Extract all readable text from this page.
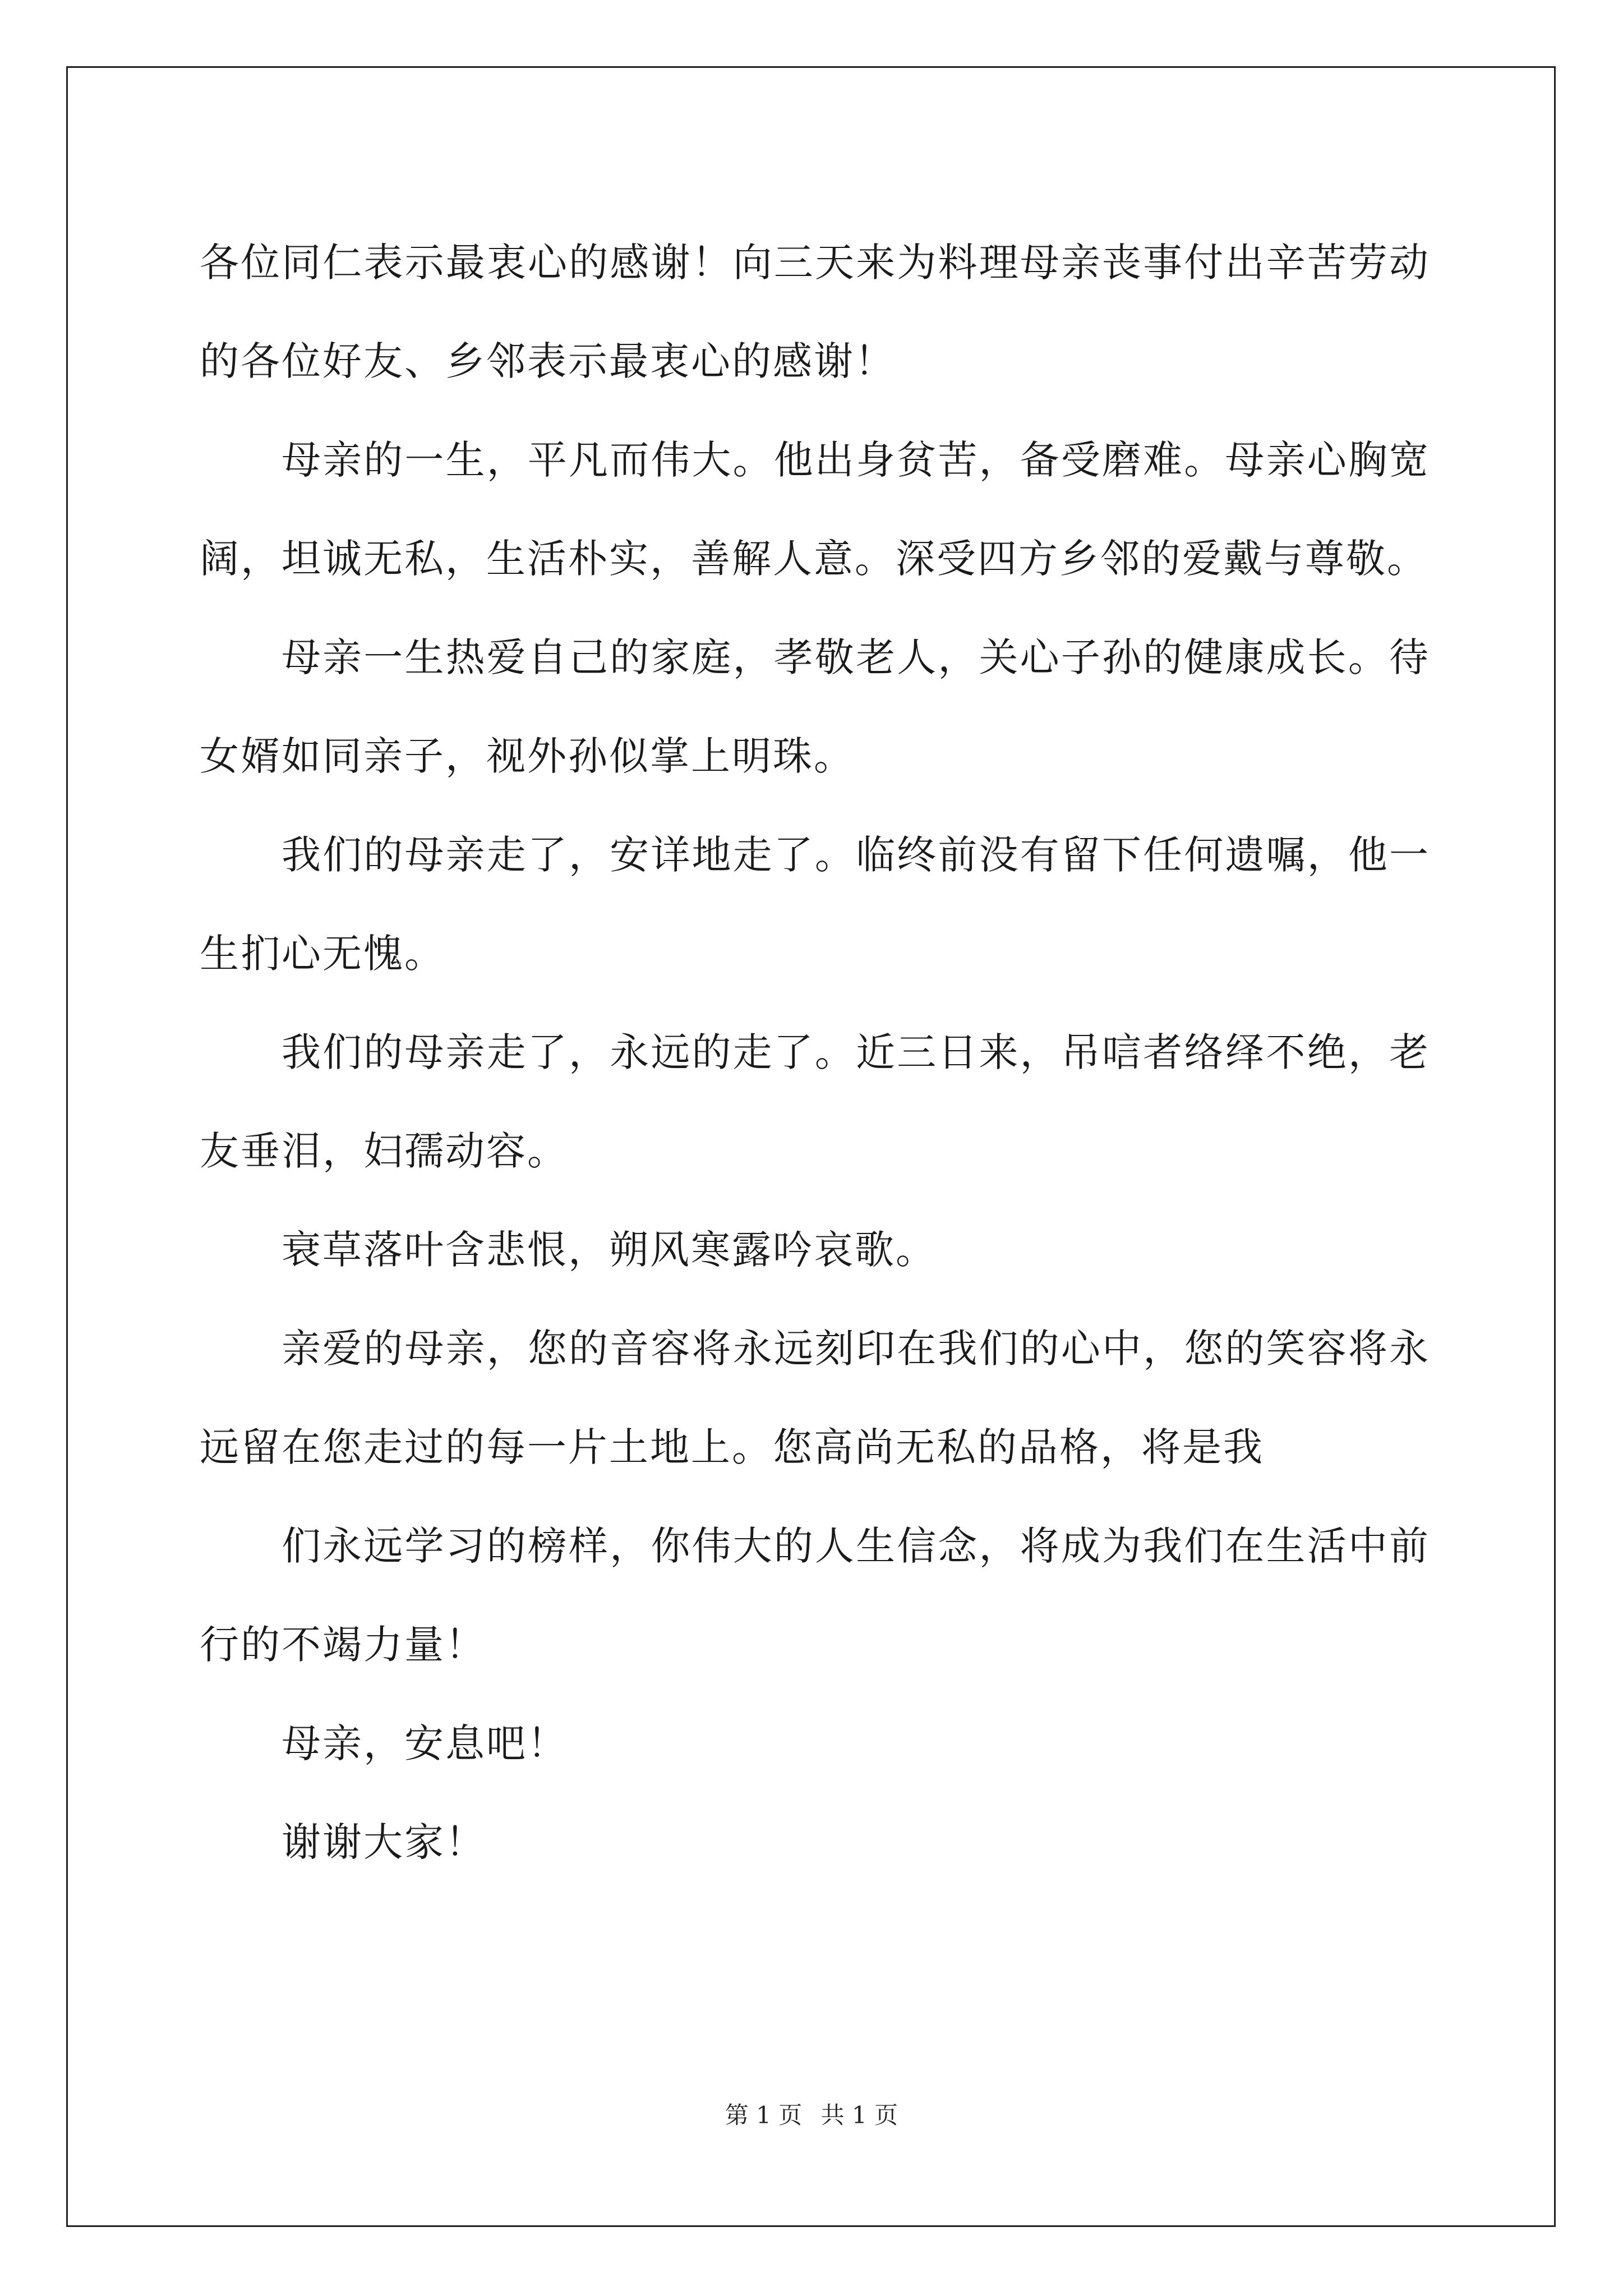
各位同仁表示最衷心的感谢！向三天来为料理母亲丧事付出辛苦劳动的各位好友、乡邻表示最衷心的感谢！

母亲的一生，平凡而伟大。他出身贫苦，备受磨难。母亲心胸宽阔，坦诚无私，生活朴实，善解人意。深受四方乡邻的爱戴与尊敬。

母亲一生热爱自己的家庭，孝敬老人，关心子孙的健康成长。待女婿如同亲子，视外孙似掌上明珠。

我们的母亲走了，安详地走了。临终前没有留下任何遗嘱，他一生扪心无愧。

我们的母亲走了，永远的走了。近三日来，吊唁者络绎不绝，老友垂泪，妇孺动容。

衰草落叶含悲恨，朔风寒露吟哀歌。

亲爱的母亲，您的音容将永远刻印在我们的心中，您的笑容将永远留在您走过的每一片土地上。您高尚无私的品格，将是我

们永远学习的榜样，你伟大的人生信念，将成为我们在生活中前行的不竭力量！

母亲，安息吧！

谢谢大家！

第 1 页 共 1 页
